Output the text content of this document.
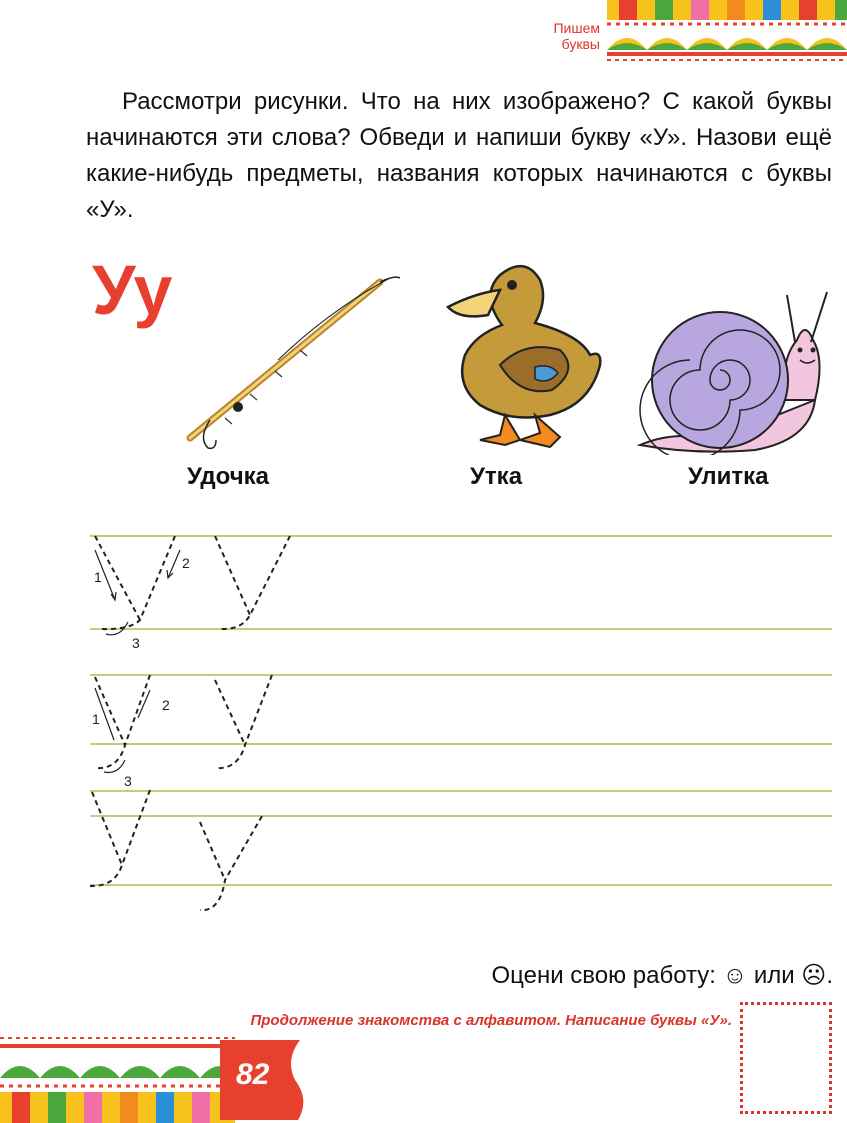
Пишем
буквы

Рассмотри рисунки. Что на них изображено? С какой буквы начинаются эти слова? Обведи и напиши букву «У». Назови ещё какие-нибудь предметы, названия которых начинаются с буквы «У».

Уу
Удочка	Утка	Улитка
1
2
3
1
2
3
Оцени свою работу: ☺ или ☹.
Продолжение знакомства с алфавитом. Написание буквы «У».
82
